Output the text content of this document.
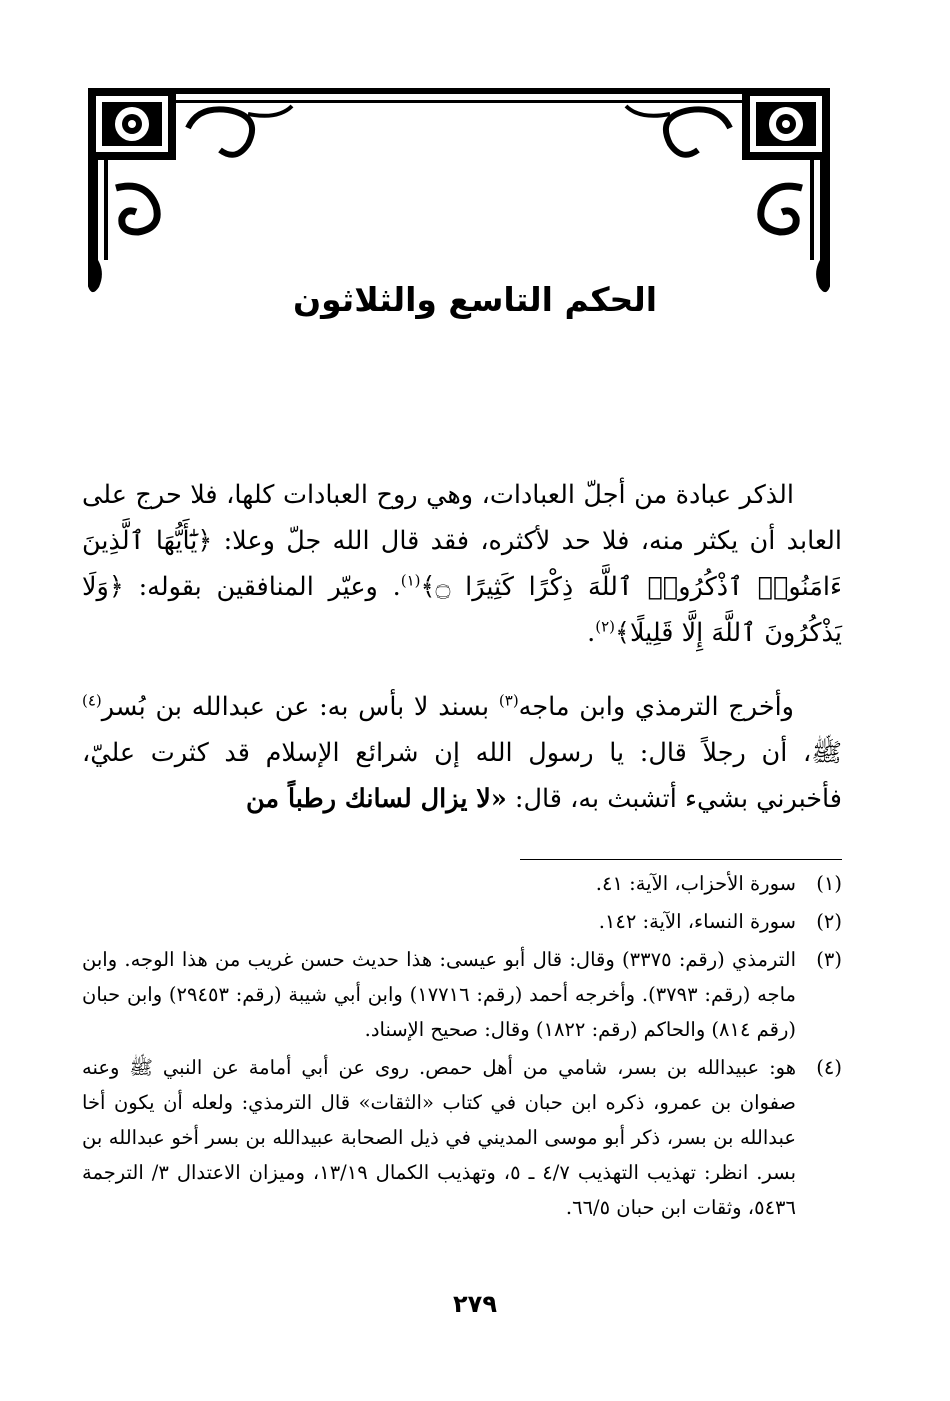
الحكم التاسع والثلاثون

الذكر عبادة من أجلّ العبادات، وهي روح العبادات كلها، فلا حرج على العابد أن يكثر منه، فلا حد لأكثره، فقد قال الله جلّ وعلا: ﴿يَٰٓأَيُّهَا ٱلَّذِينَ ءَامَنُوا۟ ٱذْكُرُوا۟ ٱللَّهَ ذِكْرًا كَثِيرًا ۝﴾$^{(١)}$. وعيّر المنافقين بقوله: ﴿وَلَا يَذْكُرُونَ ٱللَّهَ إِلَّا قَلِيلًا﴾$^{(٢)}$.

وأخرج الترمذي وابن ماجه$^{(٣)}$ بسند لا بأس به: عن عبدالله بن بُسر$^{(٤)}$ ﷺ، أن رجلاً قال: يا رسول الله إن شرائع الإسلام قد كثرت عليّ، فأخبرني بشيء أتشبث به، قال: «لا يزال لسانك رطباً من

(١)
سورة الأحزاب، الآية: ٤١.
(٢)
سورة النساء، الآية: ١٤٢.
(٣)
الترمذي (رقم: ٣٣٧٥) وقال: قال أبو عيسى: هذا حديث حسن غريب من هذا الوجه. وابن ماجه (رقم: ٣٧٩٣). وأخرجه أحمد (رقم: ١٧٧١٦) وابن أبي شيبة (رقم: ٢٩٤٥٣) وابن حبان (رقم ٨١٤) والحاكم (رقم: ١٨٢٢) وقال: صحيح الإسناد.
(٤)
هو: عبيدالله بن بسر، شامي من أهل حمص. روى عن أبي أمامة عن النبي ﷺ وعنه صفوان بن عمرو، ذكره ابن حبان في كتاب «الثقات» قال الترمذي: ولعله أن يكون أخا عبدالله بن بسر، ذكر أبو موسى المديني في ذيل الصحابة عبيدالله بن بسر أخو عبدالله بن بسر. انظر: تهذيب التهذيب ٤/٧ ـ ٥، وتهذيب الكمال ١٣/١٩، وميزان الاعتدال ٣/ الترجمة ٥٤٣٦، وثقات ابن حبان ٦٦/٥.
٢٧٩
